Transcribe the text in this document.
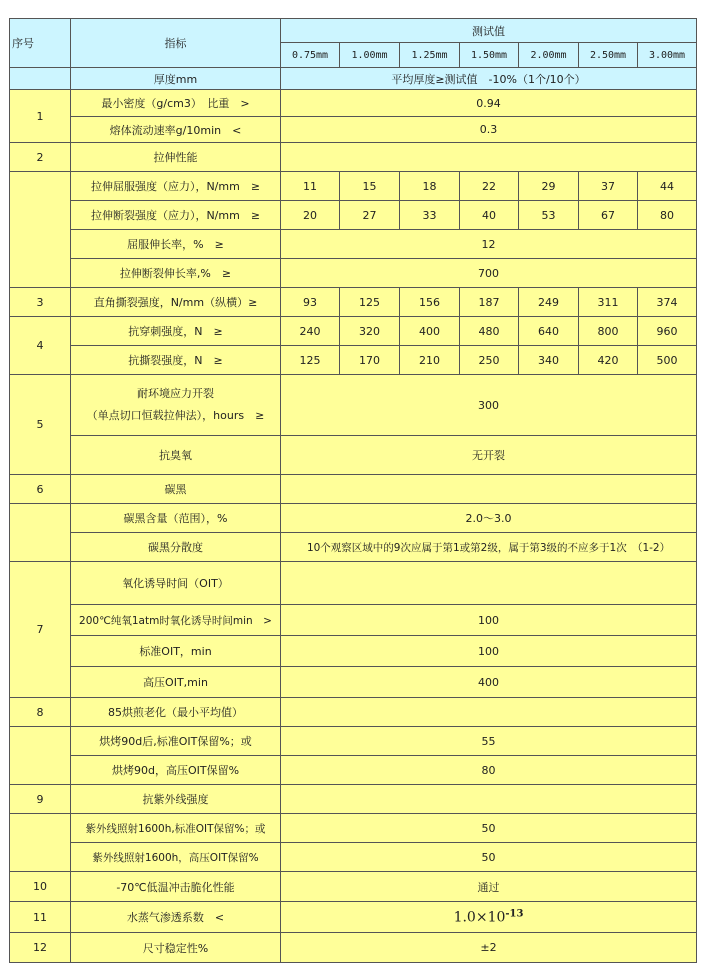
序号	指标	测试值						
		0.75mm	1.00mm	1.25mm	1.50mm	2.00mm	2.50mm	3.00mm
	厚度mm	平均厚度≥测试值　-10%（1个/10个）						
1	最小密度（g/cm3）　比重　>	0.94						
	熔体流动速率g/10min　<	0.3						
2	拉伸性能							
	拉伸屈服强度（应力），N/mm　≥	11	15	18	22	29	37	44
	拉伸断裂强度（应力），N/mm　≥	20	27	33	40	53	67	80
	屈服伸长率，%　≥	12						
	拉伸断裂伸长率,%　≥	700						
3	直角撕裂强度，N/mm（纵横）≥	93	125	156	187	249	311	374
4	抗穿刺强度，N　≥	240	320	400	480	640	800	960
	抗撕裂强度，N　≥	125	170	210	250	340	420	500
5	耐环境应力开裂
（单点切口恒载拉伸法），hours　≥	300						
	抗臭氧	无开裂						
6	碳黑							
	碳黑含量（范围），%	2.0～3.0						
	碳黑分散度	10个观察区域中的9次应属于第1或第2级，属于第3级的不应多于1次　（1-2）						
7	氧化诱导时间（OIT）							
	200℃纯氧1atm时氧化诱导时间min　>	100						
	标准OIT，min	100						
	高压OIT,min	400						
8	85烘煎老化（最小平均值）							
	烘烤90d后,标准OIT保留%；或	55						
	烘烤90d，高压OIT保留%	80						
9	抗紫外线强度							
	紫外线照射1600h,标准OIT保留%；或	50						
	紫外线照射1600h，高压OIT保留%	50						
10	-70℃低温冲击脆化性能	通过						
11	水蒸气渗透系数　<	$1.0\times 10^{-13}$
12	尺寸稳定性%	±2						
